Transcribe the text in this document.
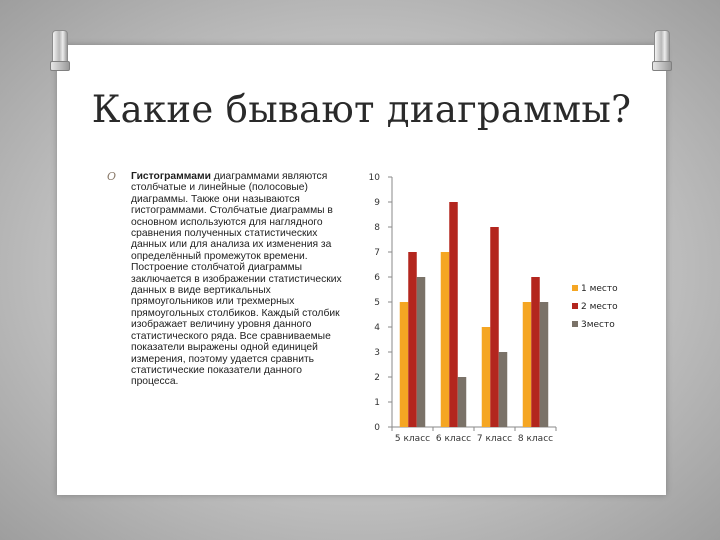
Какие бывают диаграммы?
O Гистограммами диаграммами являются столбчатые и линейные (полосовые) диаграммы. Также они называются гистограммами. Столбчатые диаграммы в основном используются для наглядного сравнения полученных статистических данных или для анализа их изменения за определённый промежуток времени. Построение столбчатой диаграммы заключается в изображении статистических данных в виде вертикальных прямоугольников или трехмерных прямоугольных столбиков. Каждый столбик изображает величину уровня данного статистического ряда. Все сравниваемые показатели выражены одной единицей измерения, поэтому удается сравнить статистические показатели данного процесса.
0
1
2
3
4
5
6
7
8
9
10
5 класс 6 класс 7 класс 8 класс
1 место
2 место
3место
